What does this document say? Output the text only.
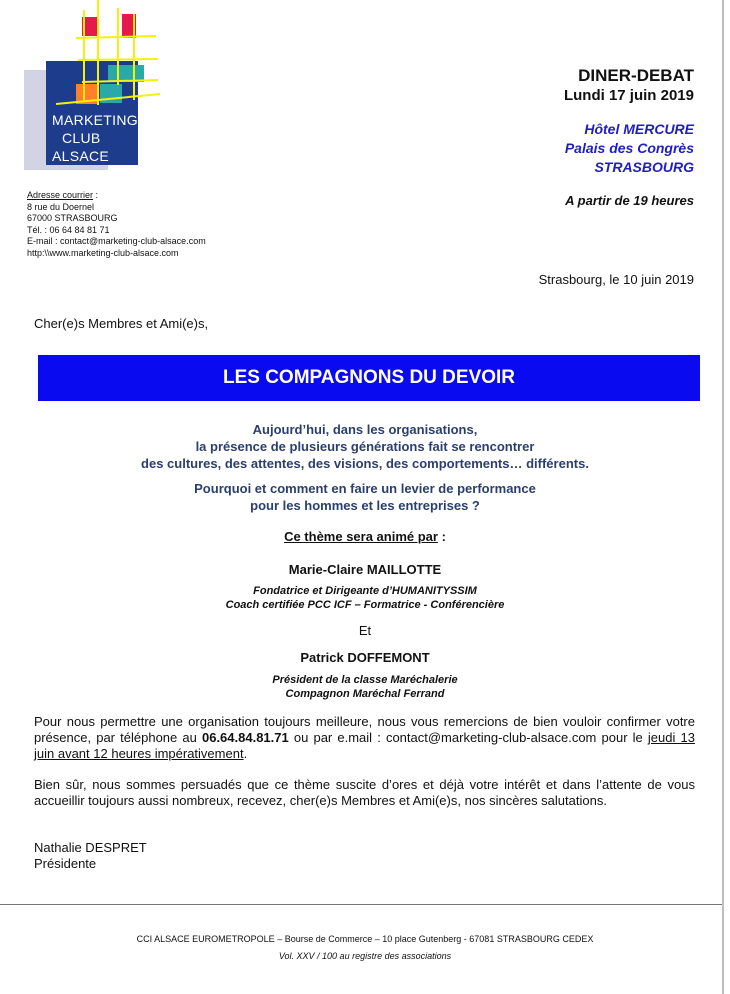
MARKETING
CLUB
ALSACE
Adresse courrier :
8 rue du Doernel
67000 STRASBOURG
Tél. : 06 64 84 81 71
E-mail : contact@marketing-club-alsace.com
http:\\www.marketing-club-alsace.com
DINER-DEBAT
Lundi 17 juin 2019
Hôtel MERCURE
Palais des Congrès
STRASBOURG
A partir de 19 heures
Strasbourg, le 10 juin 2019
Cher(e)s Membres et Ami(e)s,
LES COMPAGNONS DU DEVOIR
Aujourd’hui, dans les organisations,
la présence de plusieurs générations fait se rencontrer
des cultures, des attentes, des visions, des comportements… différents.
Pourquoi et comment en faire un levier de performance
pour les hommes et les entreprises ?
Ce thème sera animé par :
Marie-Claire MAILLOTTE
Fondatrice et Dirigeante d’HUMANITYSSIM
Coach certifiée PCC ICF – Formatrice - Conférencière
Et
Patrick DOFFEMONT
Président de la classe Maréchalerie
Compagnon Maréchal Ferrand
Pour nous permettre une organisation toujours meilleure, nous vous remercions de bien vouloir confirmer votre présence, par téléphone au 06.64.84.81.71 ou par e.mail : contact@marketing-club-alsace.com pour le jeudi 13 juin avant 12 heures impérativement.
Bien sûr, nous sommes persuadés que ce thème suscite d’ores et déjà votre intérêt et dans l’attente de vous accueillir toujours aussi nombreux, recevez, cher(e)s Membres et Ami(e)s, nos sincères salutations.
Nathalie DESPRET
Présidente
CCI ALSACE EUROMETROPOLE – Bourse de Commerce – 10 place Gutenberg - 67081 STRASBOURG CEDEX
Vol. XXV / 100 au registre des associations
